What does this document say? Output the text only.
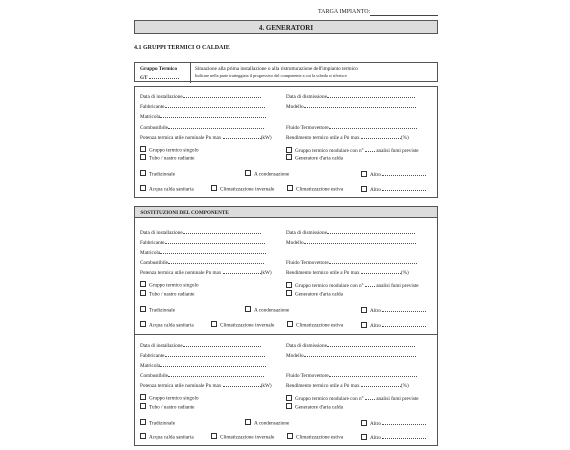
TARGA IMPIANTO:
4. GENERATORI
4.1 GRUPPI TERMICI O CALDAIE
Gruppo Termico
GT
Situazione alla prima installazione o alla ristrutturazione dell'impianto termico
Indicare nella parte tratteggiata il progressivo del componente a cui la scheda si riferisce
Data di installazione	Data di dismissione
Fabbricante	Modello
Matricola
Combustibile	Fluido Termovettore
Potenza termica utile nominale Pn max	(kW)	Rendimento termico utile a Pn max	(%)
Gruppo termico singolo	Gruppo termico modulare con n° analisi fumi previste
Tubo / nastro radiante	Generatore d'aria calda
Tradizionale	A condensazione	Altro
Acqua calda sanitaria	Climatizzazione invernale	Climatizzazione estiva	Altro
SOSTITUZIONI DEL COMPONENTE
Data di installazione	Data di dismissione
Fabbricante	Modello
Matricola
Combustibile	Fluido Termovettore
Potenza termica utile nominale Pn max	(kW)	Rendimento termico utile a Pn max	(%)
Gruppo termico singolo	Gruppo termico modulare con n° analisi fumi previste
Tubo / nastro radiante	Generatore d'aria calda
Tradizionale	A condensazione	Altro
Acqua calda sanitaria	Climatizzazione invernale	Climatizzazione estiva	Altro
Data di installazione	Data di dismissione
Fabbricante	Modello
Matricola
Combustibile	Fluido Termovettore
Potenza termica utile nominale Pn max	(kW)	Rendimento termico utile a Pn max	(%)
Gruppo termico singolo	Gruppo termico modulare con n° analisi fumi previste
Tubo / nastro radiante	Generatore d'aria calda
Tradizionale	A condensazione	Altro
Acqua calda sanitaria	Climatizzazione invernale	Climatizzazione estiva	Altro
